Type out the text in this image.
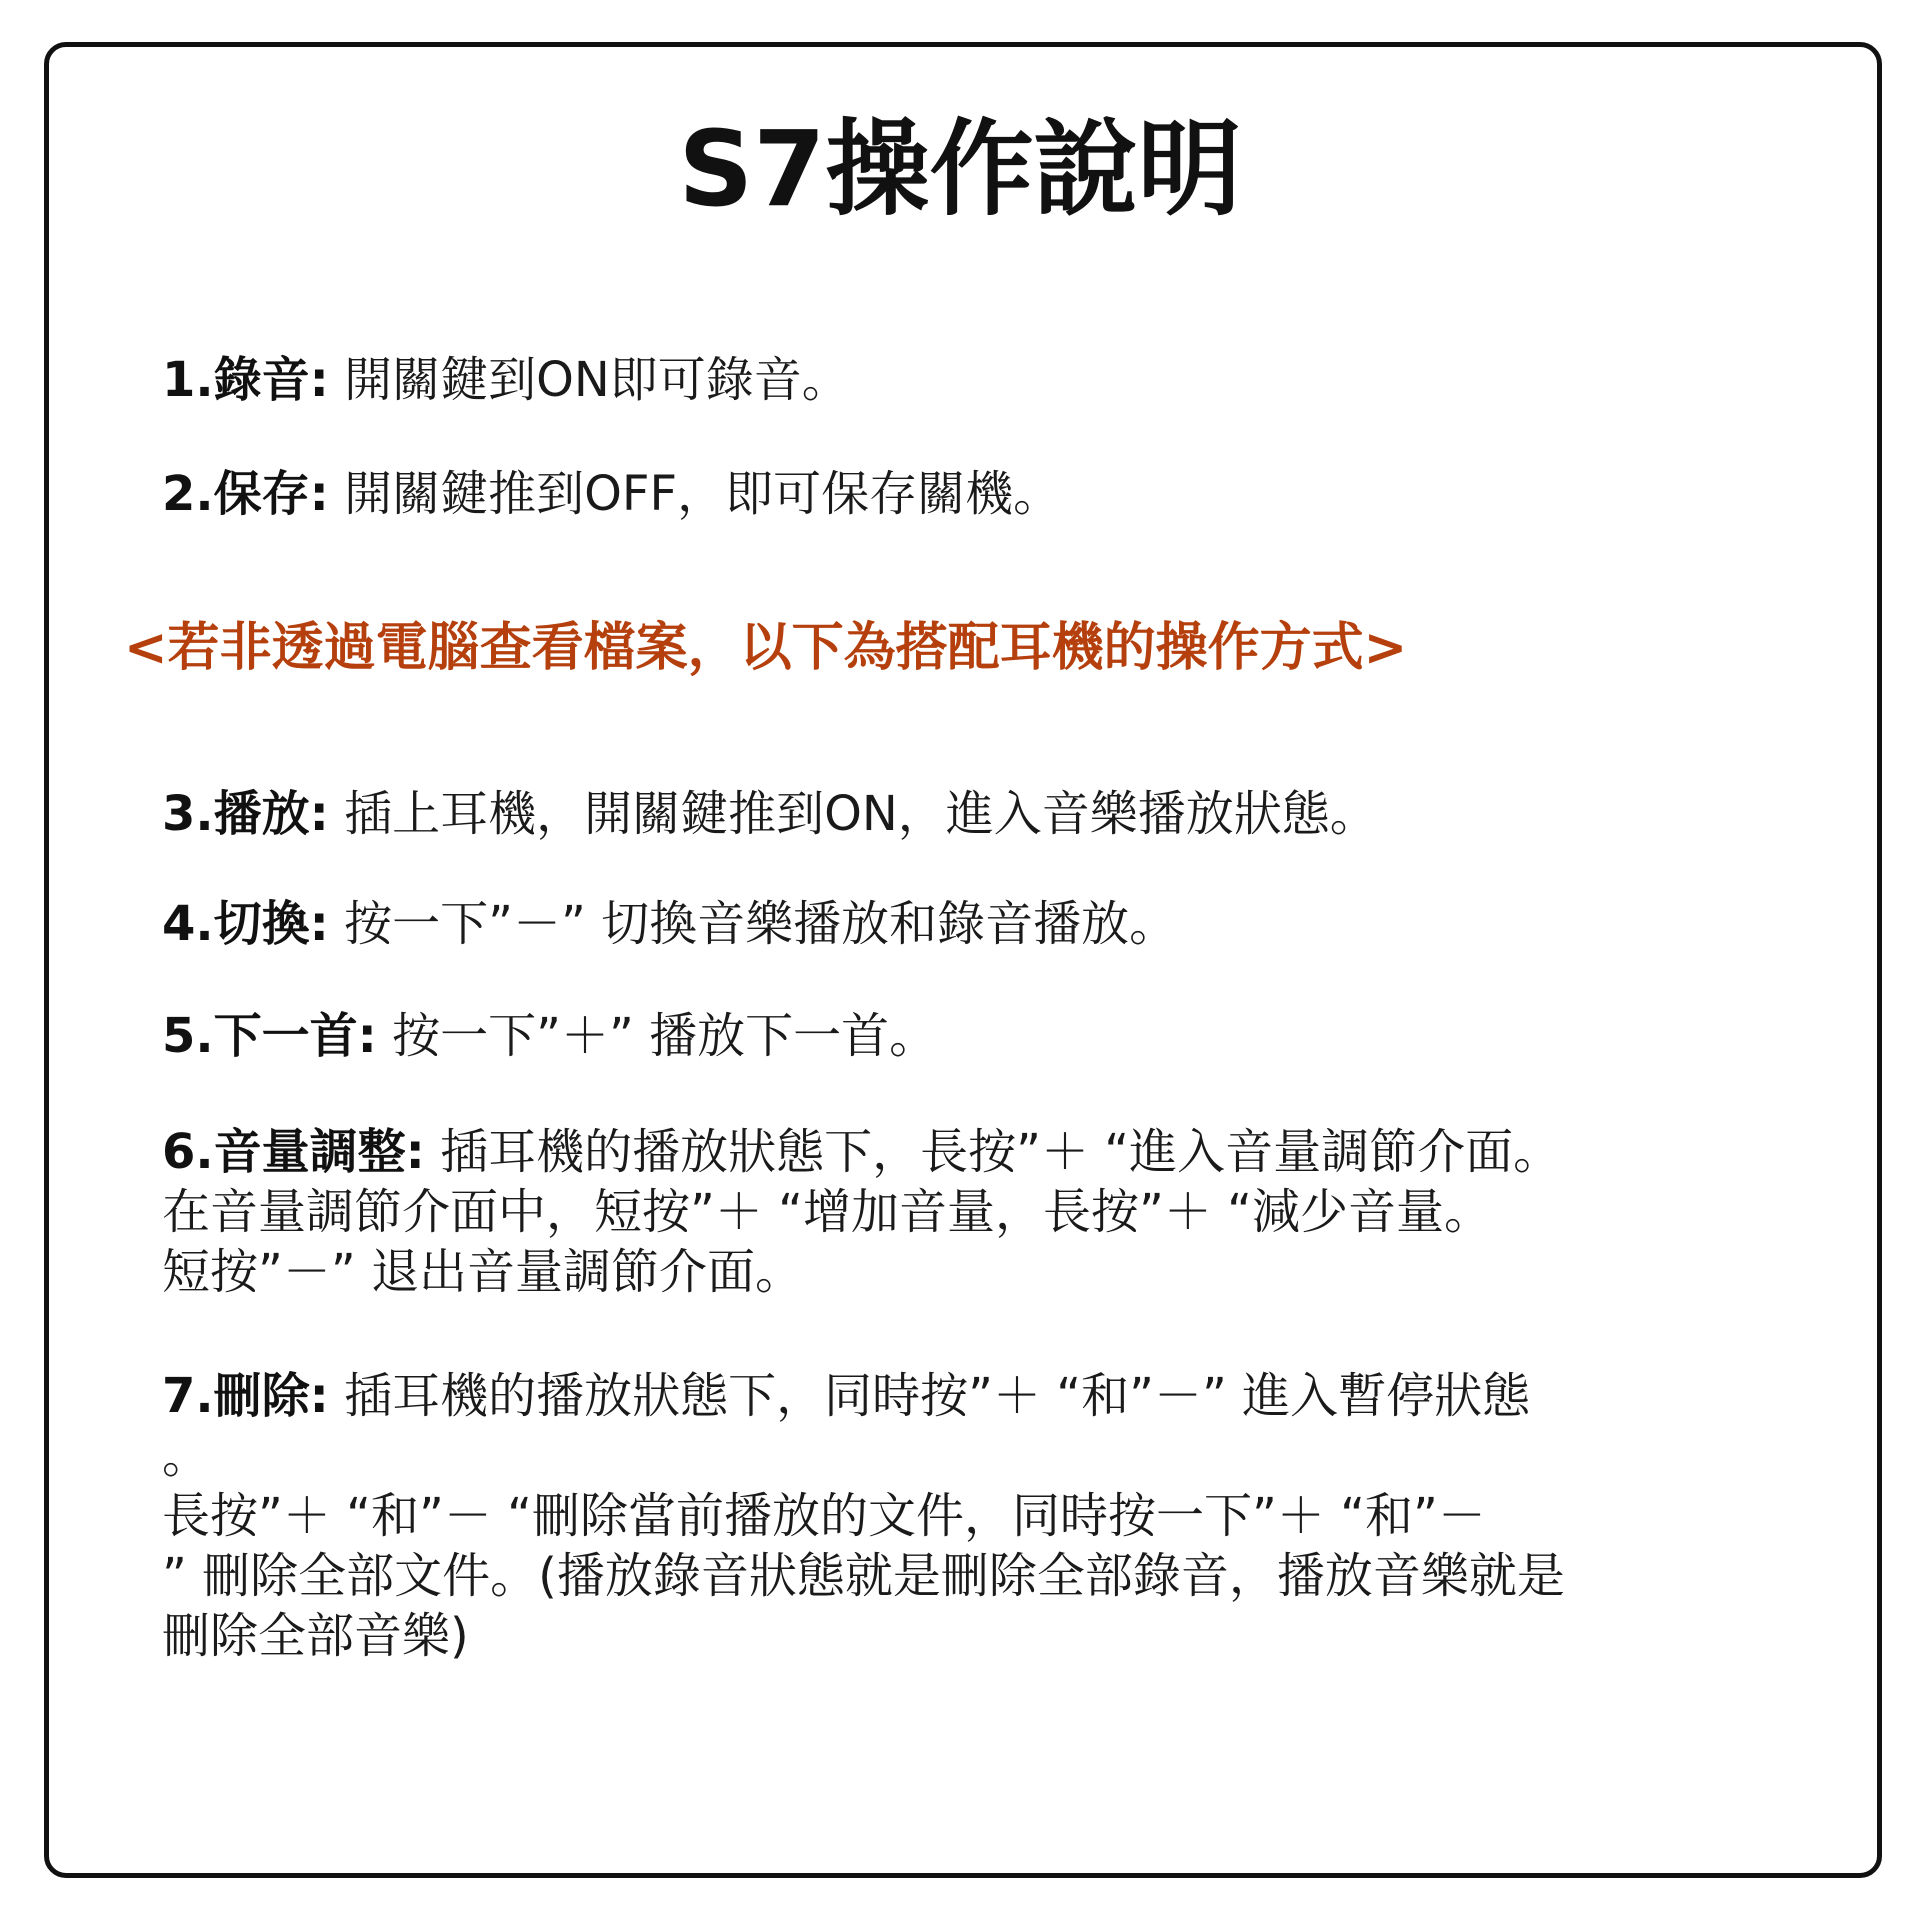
S7操作說明
1.錄音: 開關鍵到ON即可錄音。
2.保存: 開關鍵推到OFF，即可保存關機。
<若非透過電腦查看檔案，以下為搭配耳機的操作方式>
3.播放: 插上耳機，開關鍵推到ON，進入音樂播放狀態。
4.切換: 按一下”－” 切換音樂播放和錄音播放。
5.下一首: 按一下”＋” 播放下一首。
6.音量調整: 插耳機的播放狀態下，長按”＋ “進入音量調節介面。
在音量調節介面中，短按”＋ “增加音量，長按”＋ “減少音量。
短按”－” 退出音量調節介面。
7.刪除: 插耳機的播放狀態下，同時按”＋ “和”－” 進入暫停狀態
。
長按”＋ “和”－ “刪除當前播放的文件，同時按一下”＋ “和”－
” 刪除全部文件。(播放錄音狀態就是刪除全部錄音，播放音樂就是
刪除全部音樂)
